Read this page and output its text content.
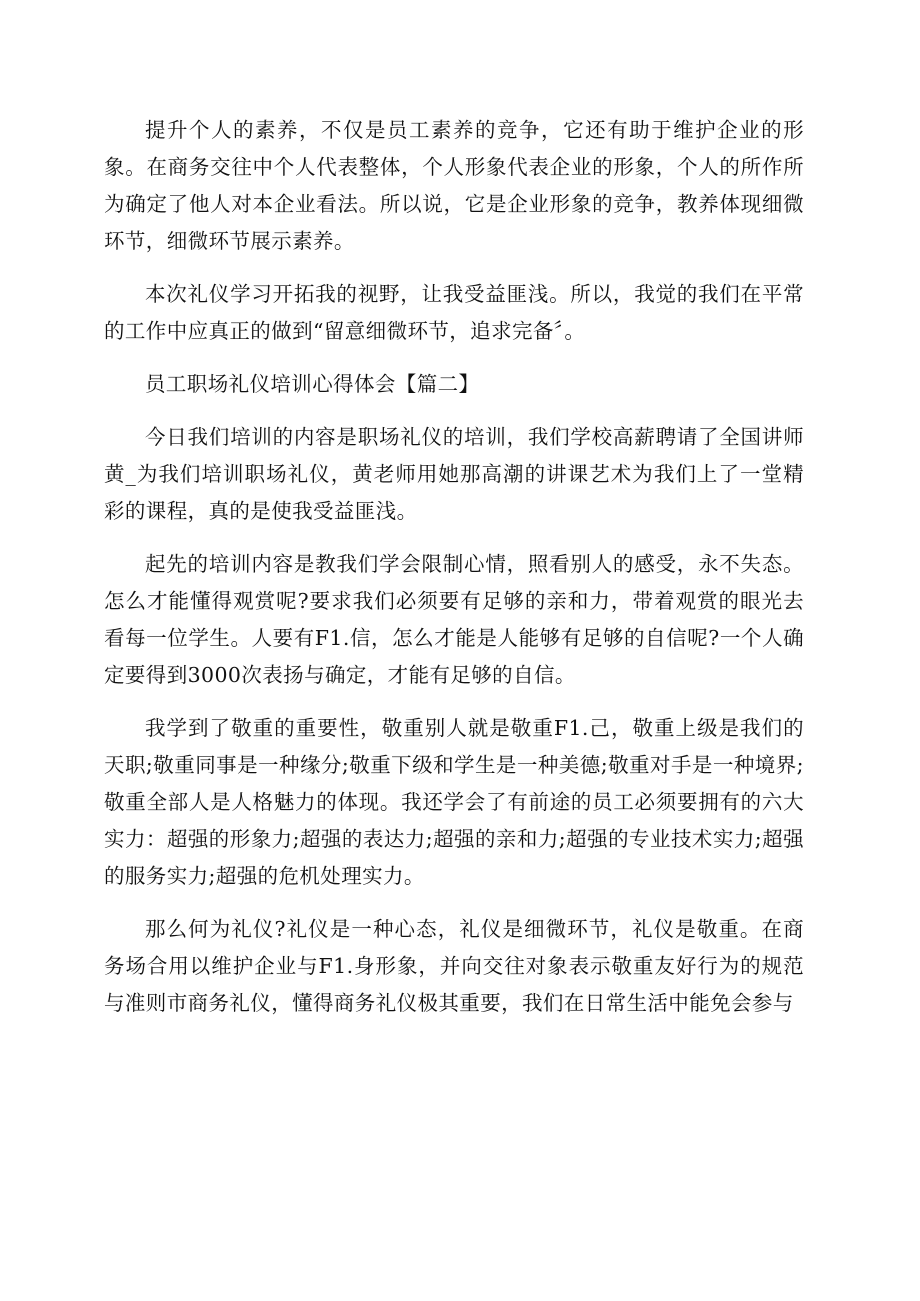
提升个人的素养，不仅是员工素养的竞争，它还有助于维护企业的形象。在商务交往中个人代表整体，个人形象代表企业的形象，个人的所作所为确定了他人对本企业看法。所以说，它是企业形象的竞争，教养体现细微环节，细微环节展示素养。

本次礼仪学习开拓我的视野，让我受益匪浅。所以，我觉的我们在平常的工作中应真正的做到“留意细微环节，追求完备〞。

员工职场礼仪培训心得体会【篇二】

今日我们培训的内容是职场礼仪的培训，我们学校高薪聘请了全国讲师黄_为我们培训职场礼仪，黄老师用她那高潮的讲课艺术为我们上了一堂精彩的课程，真的是使我受益匪浅。

起先的培训内容是教我们学会限制心情，照看别人的感受，永不失态。怎么才能懂得观赏呢?要求我们必须要有足够的亲和力，带着观赏的眼光去看每一位学生。人要有F1.信，怎么才能是人能够有足够的自信呢?一个人确定要得到3000次表扬与确定，才能有足够的自信。

我学到了敬重的重要性，敬重别人就是敬重F1.己，敬重上级是我们的天职;敬重同事是一种缘分;敬重下级和学生是一种美德;敬重对手是一种境界;敬重全部人是人格魅力的体现。我还学会了有前途的员工必须要拥有的六大实力：超强的形象力;超强的表达力;超强的亲和力;超强的专业技术实力;超强的服务实力;超强的危机处理实力。

那么何为礼仪?礼仪是一种心态，礼仪是细微环节，礼仪是敬重。在商务场合用以维护企业与F1.身形象，并向交往对象表示敬重友好行为的规范与准则市商务礼仪，懂得商务礼仪极其重要，我们在日常生活中能免会参与
